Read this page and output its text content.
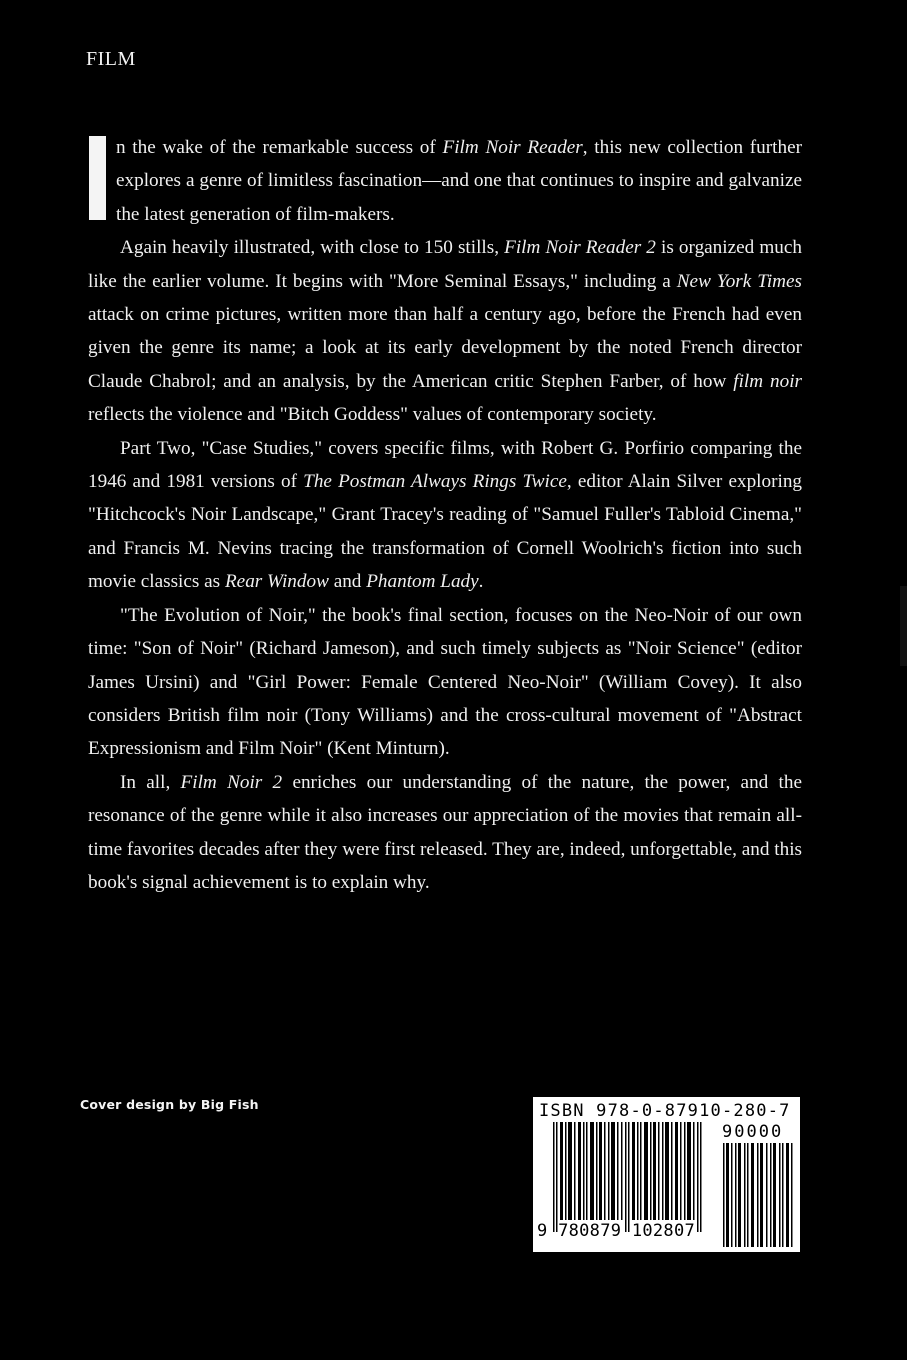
FILM

n the wake of the remarkable success of Film Noir Reader, this new collection further explores a genre of limitless fascination—and one that continues to inspire and galvanize the latest generation of film-makers.

Again heavily illustrated, with close to 150 stills, Film Noir Reader 2 is organized much like the earlier volume. It begins with "More Seminal Essays," including a New York Times attack on crime pictures, written more than half a century ago, before the French had even given the genre its name; a look at its early development by the noted French director Claude Chabrol; and an analysis, by the American critic Stephen Farber, of how film noir reflects the violence and "Bitch Goddess" values of contemporary society.

Part Two, "Case Studies," covers specific films, with Robert G. Porfirio comparing the 1946 and 1981 versions of The Postman Always Rings Twice, editor Alain Silver exploring "Hitchcock's Noir Landscape," Grant Tracey's reading of "Samuel Fuller's Tabloid Cinema," and Francis M. Nevins tracing the transformation of Cornell Woolrich's fiction into such movie classics as Rear Window and Phantom Lady.

"The Evolution of Noir," the book's final section, focuses on the Neo-Noir of our own time: "Son of Noir" (Richard Jameson), and such timely subjects as "Noir Science" (editor James Ursini) and "Girl Power: Female Centered Neo-Noir" (William Covey). It also considers British film noir (Tony Williams) and the cross-cultural movement of "Abstract Expressionism and Film Noir" (Kent Minturn).

In all, Film Noir 2 enriches our understanding of the nature, the power, and the resonance of the genre while it also increases our appreciation of the movies that remain all-time favorites decades after they were first released. They are, indeed, unforgettable, and this book's signal achievement is to explain why.

Cover design by Big Fish	ISBN 978-0-87910-280-7
90000
9 780879 102807
